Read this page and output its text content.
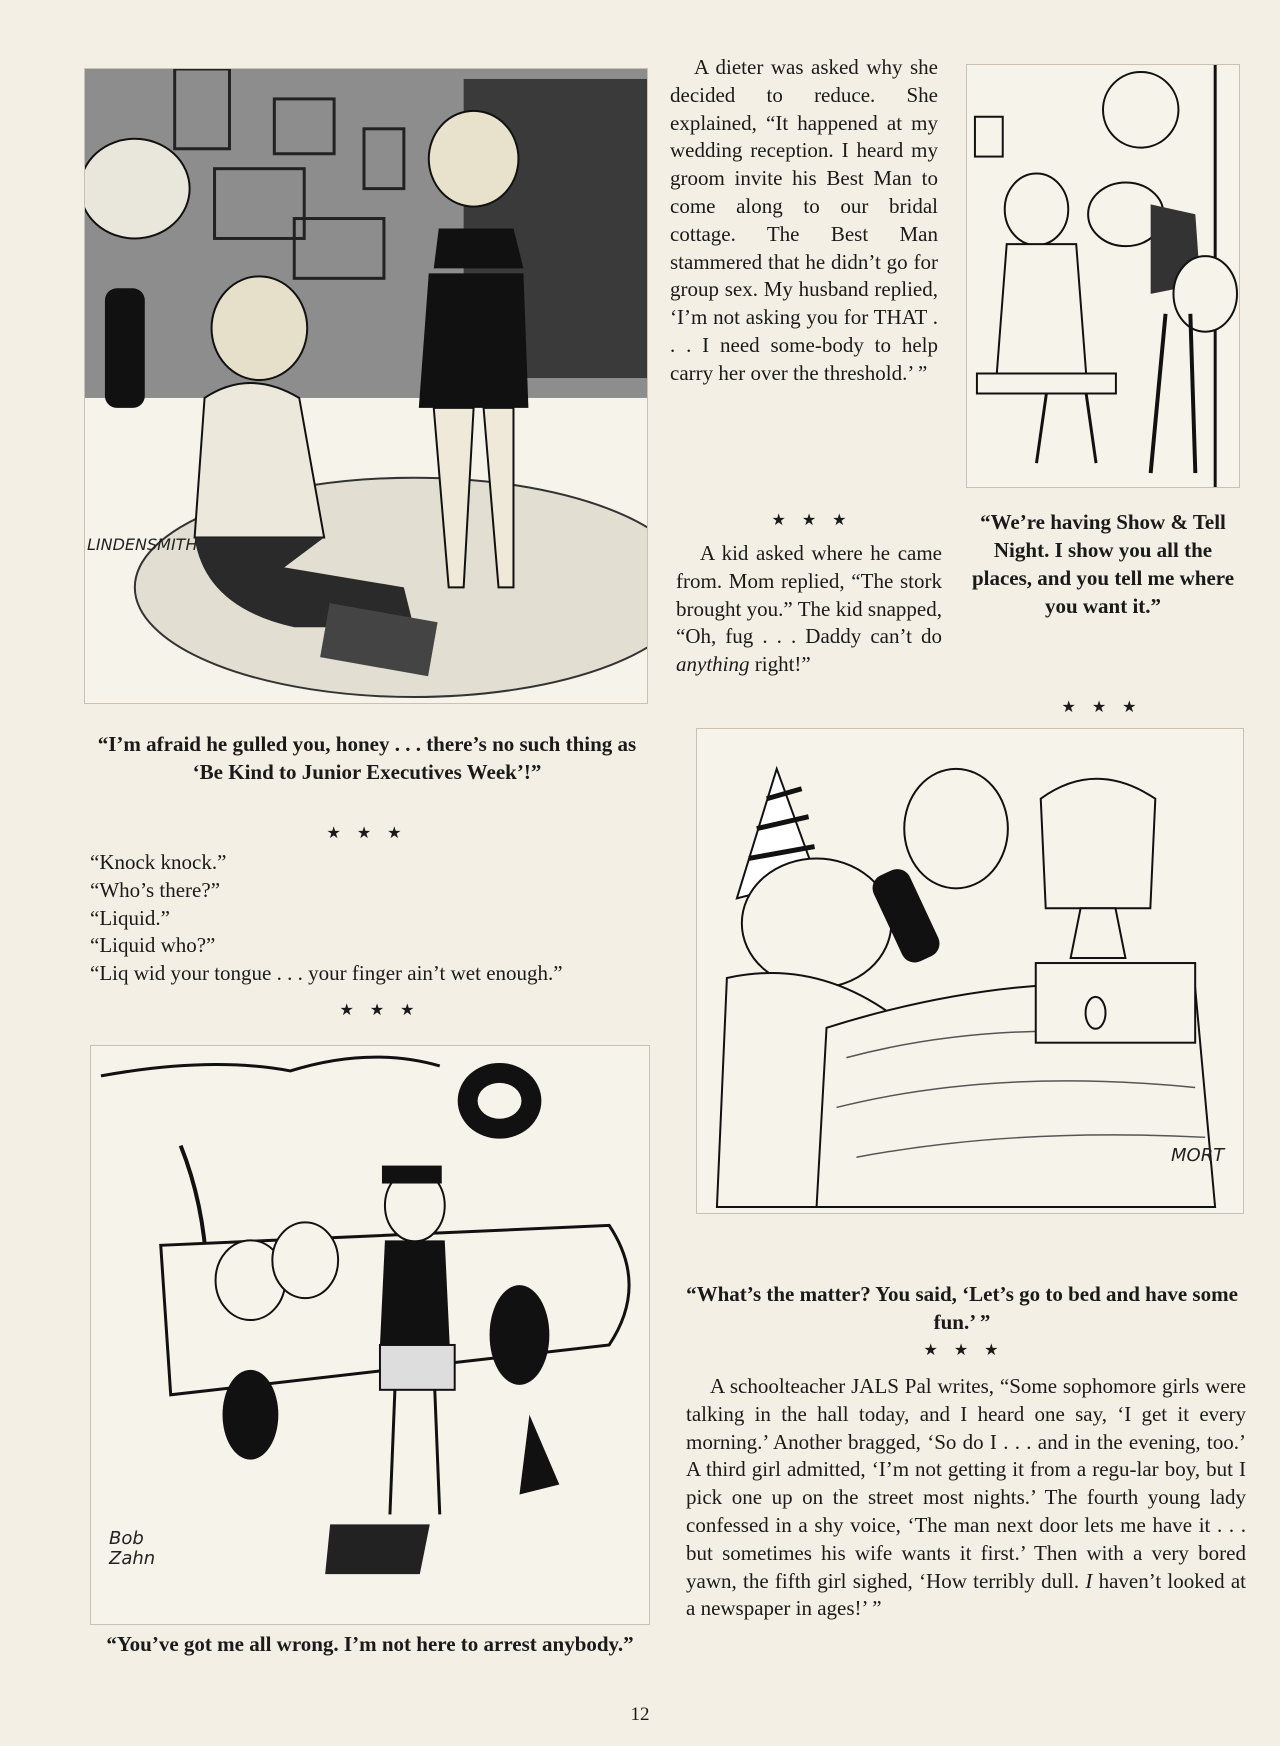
LINDENSMITH
“I’m afraid he gulled you, honey . . . there’s no such thing as ‘Be Kind to Junior Executives Week’!”
★ ★ ★
“Knock knock.”
“Who’s there?”
“Liquid.”
“Liquid who?”
“Liq wid your tongue . . . your finger ain’t wet enough.”
★ ★ ★
Bob
Zahn
“You’ve got me all wrong. I’m not here to arrest anybody.”

A dieter was asked why she decided to reduce. She explained, “It happened at my wedding reception. I heard my groom invite his Best Man to come along to our bridal cottage. The Best Man stammered that he didn’t go for group sex. My husband replied, ‘I’m not asking you for THAT . . . I need some-body to help carry her over the threshold.’ ”

★ ★ ★

A kid asked where he came from. Mom replied, “The stork brought you.” The kid snapped, “Oh, fug . . . Daddy can’t do anything right!”

“We’re having Show & Tell Night. I show you all the places, and you tell me where you want it.”
★ ★ ★
MORT
“What’s the matter? You said, ‘Let’s go to bed and have some fun.’ ”
★ ★ ★

A schoolteacher JALS Pal writes, “Some sophomore girls were talking in the hall today, and I heard one say, ‘I get it every morning.’ Another bragged, ‘So do I . . . and in the evening, too.’ A third girl admitted, ‘I’m not getting it from a regu-lar boy, but I pick one up on the street most nights.’ The fourth young lady confessed in a shy voice, ‘The man next door lets me have it . . . but sometimes his wife wants it first.’ Then with a very bored yawn, the fifth girl sighed, ‘How terribly dull. I haven’t looked at a newspaper in ages!’ ”

12
